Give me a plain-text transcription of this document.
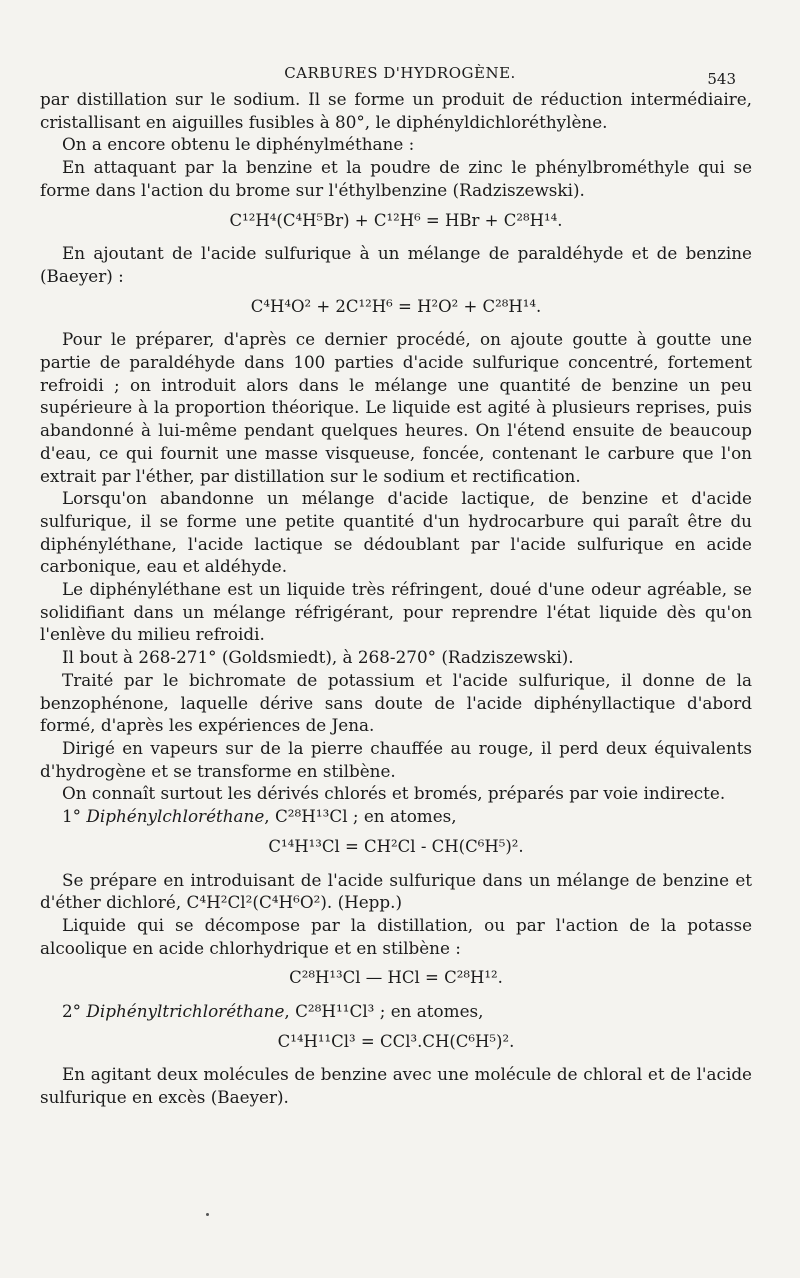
CARBURES D'HYDROGÈNE.	543

par distillation sur le sodium. Il se forme un produit de réduction intermédiaire, cristallisant en aiguilles fusibles à 80°, le diphényldichloréthylène.

On a encore obtenu le diphénylméthane :

En attaquant par la benzine et la poudre de zinc le phénylbrométhyle qui se forme dans l'action du brome sur l'éthylbenzine (Radziszewski).

C¹²H⁴(C⁴H⁵Br) + C¹²H⁶ = HBr + C²⁸H¹⁴.

En ajoutant de l'acide sulfurique à un mélange de paraldéhyde et de benzine (Baeyer) :

C⁴H⁴O² + 2C¹²H⁶ = H²O² + C²⁸H¹⁴.

Pour le préparer, d'après ce dernier procédé, on ajoute goutte à goutte une partie de paraldéhyde dans 100 parties d'acide sulfurique concentré, fortement refroidi ; on introduit alors dans le mélange une quantité de benzine un peu supérieure à la proportion théorique. Le liquide est agité à plusieurs reprises, puis abandonné à lui-même pendant quelques heures. On l'étend ensuite de beaucoup d'eau, ce qui fournit une masse visqueuse, foncée, contenant le carbure que l'on extrait par l'éther, par distillation sur le sodium et rectification.

Lorsqu'on abandonne un mélange d'acide lactique, de benzine et d'acide sulfurique, il se forme une petite quantité d'un hydrocarbure qui paraît être du diphényléthane, l'acide lactique se dédoublant par l'acide sulfurique en acide carbonique, eau et aldéhyde.

Le diphényléthane est un liquide très réfringent, doué d'une odeur agréable, se solidifiant dans un mélange réfrigérant, pour reprendre l'état liquide dès qu'on l'enlève du milieu refroidi.

Il bout à 268-271° (Goldsmiedt), à 268-270° (Radziszewski).

Traité par le bichromate de potassium et l'acide sulfurique, il donne de la benzophénone, laquelle dérive sans doute de l'acide diphényllactique d'abord formé, d'après les expériences de Jena.

Dirigé en vapeurs sur de la pierre chauffée au rouge, il perd deux équivalents d'hydrogène et se transforme en stilbène.

On connaît surtout les dérivés chlorés et bromés, préparés par voie indirecte.

1° Diphénylchloréthane, C²⁸H¹³Cl ; en atomes,

C¹⁴H¹³Cl = CH²Cl - CH(C⁶H⁵)².

Se prépare en introduisant de l'acide sulfurique dans un mélange de benzine et d'éther dichloré, C⁴H²Cl²(C⁴H⁶O²). (Hepp.)

Liquide qui se décompose par la distillation, ou par l'action de la potasse alcoolique en acide chlorhydrique et en stilbène :

C²⁸H¹³Cl — HCl = C²⁸H¹².

2° Diphényltrichloréthane, C²⁸H¹¹Cl³ ; en atomes,

C¹⁴H¹¹Cl³ = CCl³.CH(C⁶H⁵)².

En agitant deux molécules de benzine avec une molécule de chloral et de l'acide sulfurique en excès (Baeyer).
